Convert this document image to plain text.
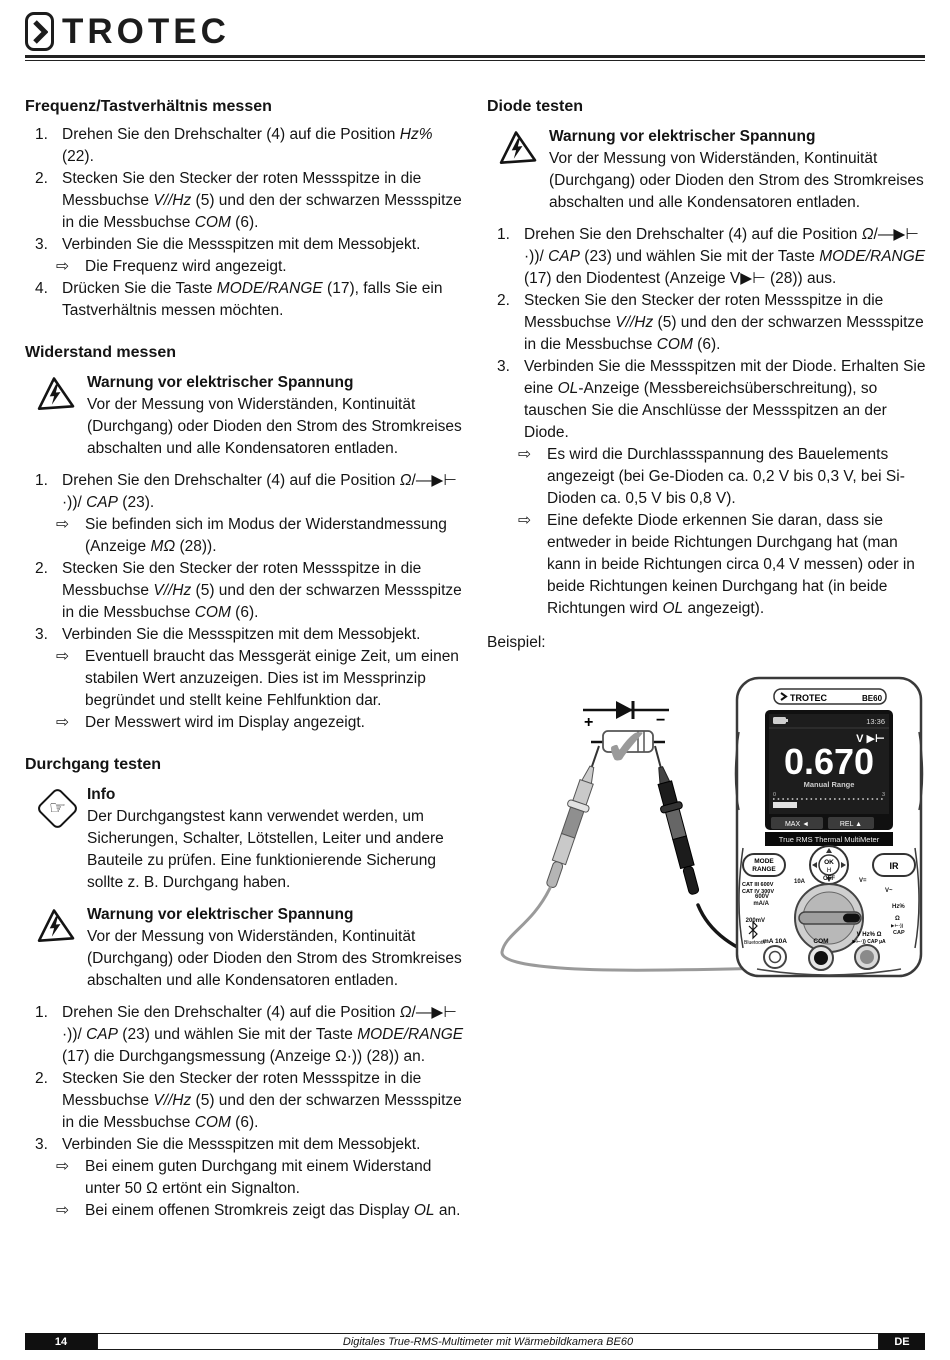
TROTEC
Frequenz/Tastverhältnis messen
1. Drehen Sie den Drehschalter (4) auf die Position Hz% (22).
2. Stecken Sie den Stecker der roten Messspitze in die Messbuchse V//Hz (5) und den der schwarzen Messspitze in die Messbuchse COM (6).
3. Verbinden Sie die Messspitzen mit dem Messobjekt.
⇨	Die Frequenz wird angezeigt.
4. Drücken Sie die Taste MODE/RANGE (17), falls Sie ein Tastverhältnis messen möchten.
Widerstand messen
Warnung vor elektrischer Spannung
Vor der Messung von Widerständen, Kontinuität (Durchgang) oder Dioden den Strom des Stromkreises abschalten und alle Kondensatoren entladen.
1. Drehen Sie den Drehschalter (4) auf die Position Ω/—▶⊢ ·))/ CAP (23).
⇨	Sie befinden sich im Modus der Widerstandmessung (Anzeige MΩ (28)).
2. Stecken Sie den Stecker der roten Messspitze in die Messbuchse V//Hz (5) und den der schwarzen Messspitze in die Messbuchse COM (6).
3. Verbinden Sie die Messspitzen mit dem Messobjekt.
⇨	Eventuell braucht das Messgerät einige Zeit, um einen stabilen Wert anzuzeigen. Dies ist im Messprinzip begründet und stellt keine Fehlfunktion dar.
⇨	Der Messwert wird im Display angezeigt.
Durchgang testen
☞
Info
Der Durchgangstest kann verwendet werden, um Sicherungen, Schalter, Lötstellen, Leiter und andere Bauteile zu prüfen. Eine funktionierende Sicherung sollte z. B. Durchgang haben.
Warnung vor elektrischer Spannung
Vor der Messung von Widerständen, Kontinuität (Durchgang) oder Dioden den Strom des Stromkreises abschalten und alle Kondensatoren entladen.
1. Drehen Sie den Drehschalter (4) auf die Position Ω/—▶⊢ ·))/ CAP (23) und wählen Sie mit der Taste MODE/RANGE (17) die Durchgangsmessung (Anzeige Ω·)) (28)) an.
2. Stecken Sie den Stecker der roten Messspitze in die Messbuchse V//Hz (5) und den der schwarzen Messspitze in die Messbuchse COM (6).
3. Verbinden Sie die Messspitzen mit dem Messobjekt.
⇨	Bei einem guten Durchgang mit einem Widerstand unter 50 Ω ertönt ein Signalton.
⇨	Bei einem offenen Stromkreis zeigt das Display OL an.
Diode testen
Warnung vor elektrischer Spannung
Vor der Messung von Widerständen, Kontinuität (Durchgang) oder Dioden den Strom des Stromkreises abschalten und alle Kondensatoren entladen.
1. Drehen Sie den Drehschalter (4) auf die Position Ω/—▶⊢ ·))/ CAP (23) und wählen Sie mit der Taste MODE/RANGE (17) den Diodentest (Anzeige V▶⊢ (28)) aus.
2. Stecken Sie den Stecker der roten Messspitze in die Messbuchse V//Hz (5) und den der schwarzen Messspitze in die Messbuchse COM (6).
3. Verbinden Sie die Messspitzen mit der Diode. Erhalten Sie eine OL-Anzeige (Messbereichsüberschreitung), so tauschen Sie die Anschlüsse der Messspitzen an der Diode.
⇨	Es wird die Durchlassspannung des Bauelements angezeigt (bei Ge-Dioden ca. 0,2 V bis 0,3 V, bei Si-Dioden ca. 0,5 V bis 0,8 V).
⇨	Eine defekte Diode erkennen Sie daran, dass sie entweder in beide Richtungen Durchgang hat (man kann in beide Richtungen circa 0,4 V messen) oder in beide Richtungen keinen Durchgang hat (in beide Richtungen wird OL angezeigt).
Beispiel:
+	−
✔
TROTEC	BE60
13:36
V ▶⊢
0.670
Manual Range
0	3
MAX ◄	REL ▲
True RMS Thermal MultiMeter
MODE
RANGE
OK
H	IR
CAT III 600V
CAT IV 300V
10A	OFF
600V
mA/A
200mV
V=
V~
Hz%
Ω
▶⊢·))
CAP
Bluetooth
mA 10A	COM
V Hz% Ω
▶⊢·)) CAP µA
14	Digitales True-RMS-Multimeter mit Wärmebildkamera BE60	DE
